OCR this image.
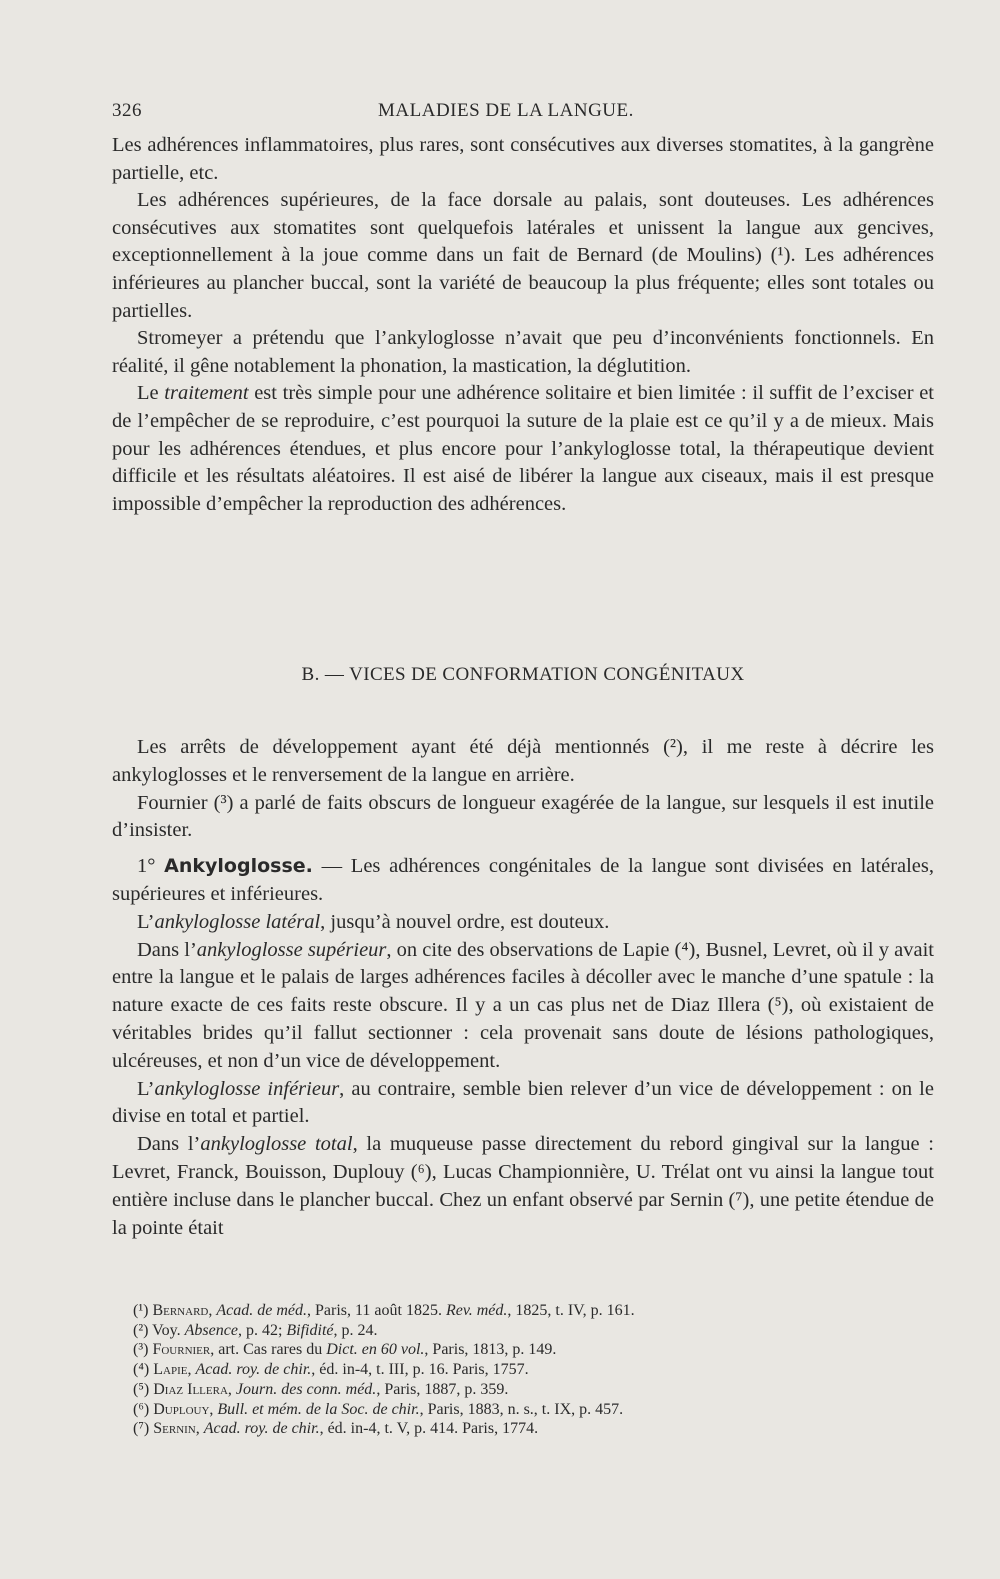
326	MALADIES DE LA LANGUE.

Les adhérences inflammatoires, plus rares, sont consécutives aux diverses stomatites, à la gangrène partielle, etc.

Les adhérences supérieures, de la face dorsale au palais, sont douteuses. Les adhérences consécutives aux stomatites sont quelquefois latérales et unissent la langue aux gencives, exceptionnellement à la joue comme dans un fait de Bernard (de Moulins) (¹). Les adhérences inférieures au plancher buccal, sont la variété de beaucoup la plus fréquente; elles sont totales ou partielles.

Stromeyer a prétendu que l’ankyloglosse n’avait que peu d’inconvénients fonctionnels. En réalité, il gêne notablement la phonation, la mastication, la déglutition.

Le traitement est très simple pour une adhérence solitaire et bien limitée : il suffit de l’exciser et de l’empêcher de se reproduire, c’est pourquoi la suture de la plaie est ce qu’il y a de mieux. Mais pour les adhérences étendues, et plus encore pour l’ankyloglosse total, la thérapeutique devient difficile et les résultats aléatoires. Il est aisé de libérer la langue aux ciseaux, mais il est presque impossible d’empêcher la reproduction des adhérences.

B. — VICES DE CONFORMATION CONGÉNITAUX

Les arrêts de développement ayant été déjà mentionnés (²), il me reste à décrire les ankyloglosses et le renversement de la langue en arrière.

Fournier (³) a parlé de faits obscurs de longueur exagérée de la langue, sur lesquels il est inutile d’insister.

1° Ankyloglosse. — Les adhérences congénitales de la langue sont divisées en latérales, supérieures et inférieures.

L’ankyloglosse latéral, jusqu’à nouvel ordre, est douteux.

Dans l’ankyloglosse supérieur, on cite des observations de Lapie (⁴), Busnel, Levret, où il y avait entre la langue et le palais de larges adhérences faciles à décoller avec le manche d’une spatule : la nature exacte de ces faits reste obscure. Il y a un cas plus net de Diaz Illera (⁵), où existaient de véritables brides qu’il fallut sectionner : cela provenait sans doute de lésions pathologiques, ulcéreuses, et non d’un vice de développement.

L’ankyloglosse inférieur, au contraire, semble bien relever d’un vice de développement : on le divise en total et partiel.

Dans l’ankyloglosse total, la muqueuse passe directement du rebord gingival sur la langue : Levret, Franck, Bouisson, Duplouy (⁶), Lucas Championnière, U. Trélat ont vu ainsi la langue tout entière incluse dans le plancher buccal. Chez un enfant observé par Sernin (⁷), une petite étendue de la pointe était

(¹) Bernard, Acad. de méd., Paris, 11 août 1825. Rev. méd., 1825, t. IV, p. 161.
(²) Voy. Absence, p. 42; Bifidité, p. 24.
(³) Fournier, art. Cas rares du Dict. en 60 vol., Paris, 1813, p. 149.
(⁴) Lapie, Acad. roy. de chir., éd. in-4, t. III, p. 16. Paris, 1757.
(⁵) Diaz Illera, Journ. des conn. méd., Paris, 1887, p. 359.
(⁶) Duplouy, Bull. et mém. de la Soc. de chir., Paris, 1883, n. s., t. IX, p. 457.
(⁷) Sernin, Acad. roy. de chir., éd. in-4, t. V, p. 414. Paris, 1774.
